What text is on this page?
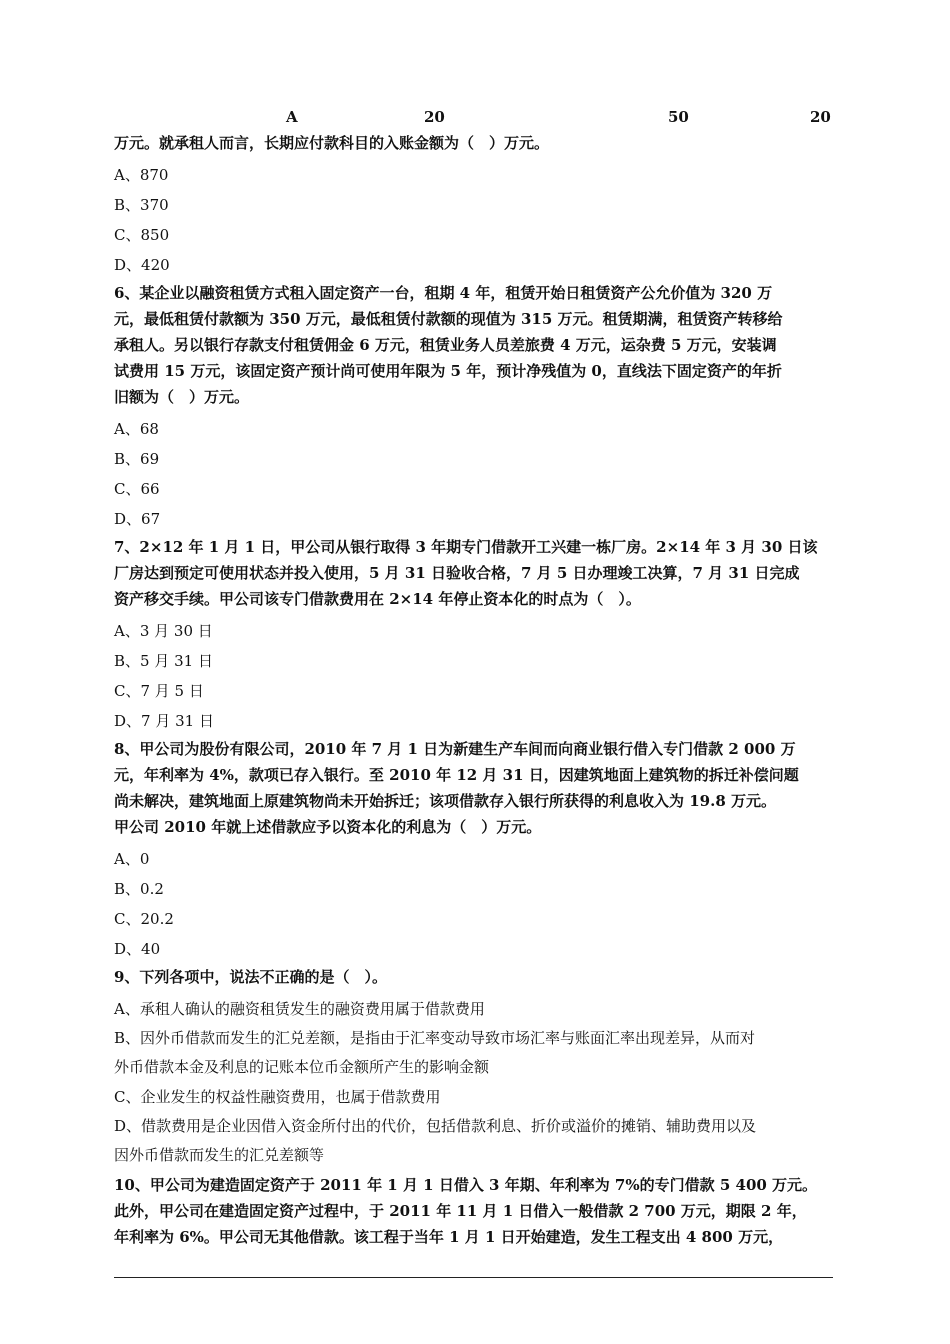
A	20	50	20
万元。就承租人而言，长期应付款科目的入账金额为（　）万元。
A、870
B、370
C、850
D、420
6、某企业以融资租赁方式租入固定资产一台，租期 4 年，租赁开始日租赁资产公允价值为 320 万
元，最低租赁付款额为 350 万元，最低租赁付款额的现值为 315 万元。租赁期满，租赁资产转移给
承租人。另以银行存款支付租赁佣金 6 万元，租赁业务人员差旅费 4 万元，运杂费 5 万元，安装调
试费用 15 万元，该固定资产预计尚可使用年限为 5 年，预计净残值为 0，直线法下固定资产的年折
旧额为（　）万元。
A、68
B、69
C、66
D、67
7、2×12 年 1 月 1 日，甲公司从银行取得 3 年期专门借款开工兴建一栋厂房。2×14 年 3 月 30 日该
厂房达到预定可使用状态并投入使用，5 月 31 日验收合格，7 月 5 日办理竣工决算，7 月 31 日完成
资产移交手续。甲公司该专门借款费用在 2×14 年停止资本化的时点为（　）。
A、3 月 30 日
B、5 月 31 日
C、7 月 5 日
D、7 月 31 日
8、甲公司为股份有限公司，2010 年 7 月 1 日为新建生产车间而向商业银行借入专门借款 2 000 万
元，年利率为 4%，款项已存入银行。至 2010 年 12 月 31 日，因建筑地面上建筑物的拆迁补偿问题
尚未解决，建筑地面上原建筑物尚未开始拆迁；该项借款存入银行所获得的利息收入为 19.8 万元。
甲公司 2010 年就上述借款应予以资本化的利息为（　）万元。
A、0
B、0.2
C、20.2
D、40
9、下列各项中，说法不正确的是（　）。
A、承租人确认的融资租赁发生的融资费用属于借款费用
B、因外币借款而发生的汇兑差额，是指由于汇率变动导致市场汇率与账面汇率出现差异，从而对
外币借款本金及利息的记账本位币金额所产生的影响金额
C、企业发生的权益性融资费用，也属于借款费用
D、借款费用是企业因借入资金所付出的代价，包括借款利息、折价或溢价的摊销、辅助费用以及
因外币借款而发生的汇兑差额等
10、甲公司为建造固定资产于 2011 年 1 月 1 日借入 3 年期、年利率为 7%的专门借款 5 400 万元。
此外，甲公司在建造固定资产过程中，于 2011 年 11 月 1 日借入一般借款 2 700 万元，期限 2 年，
年利率为 6%。甲公司无其他借款。该工程于当年 1 月 1 日开始建造，发生工程支出 4 800 万元，
